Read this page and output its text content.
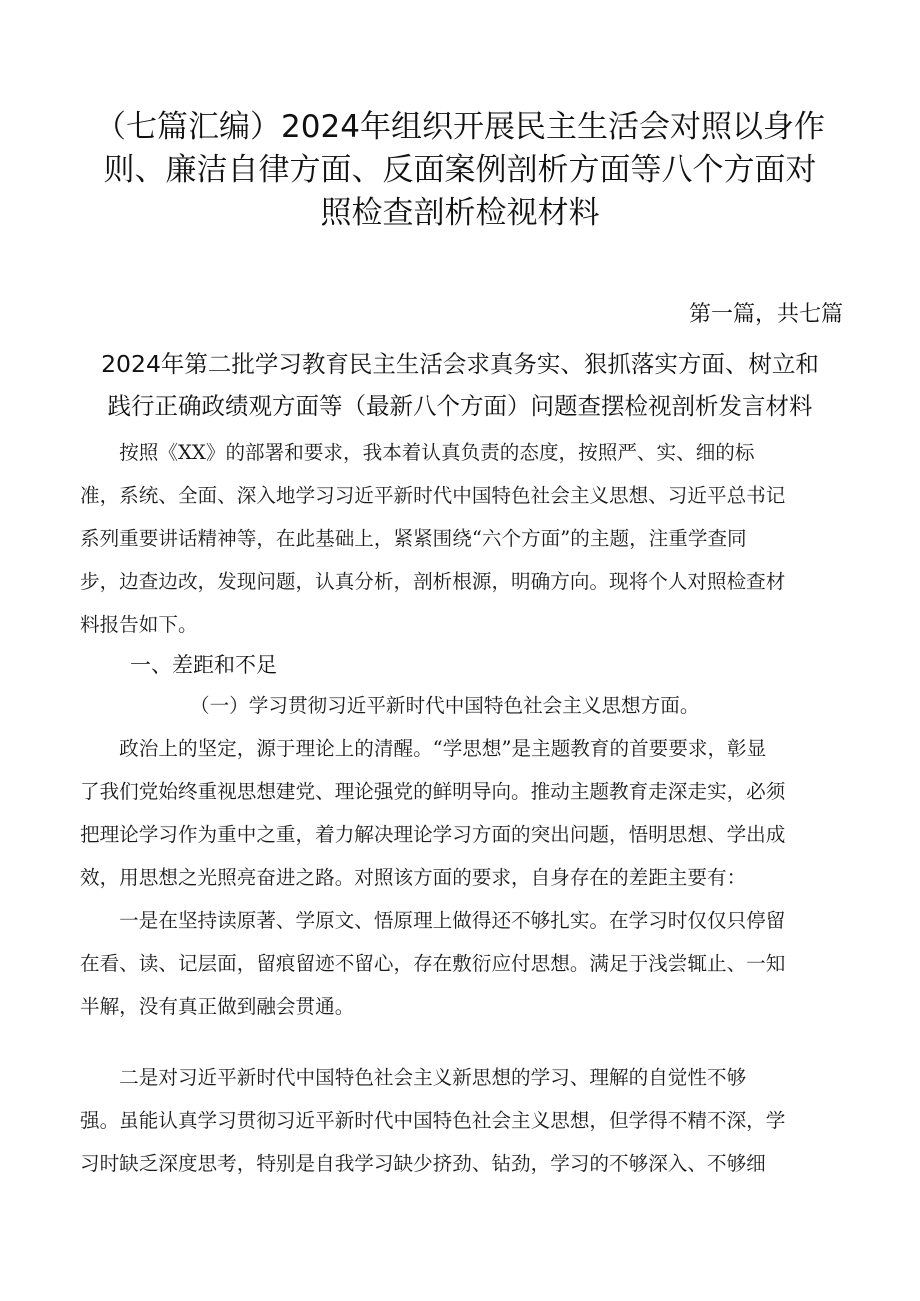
（七篇汇编）2024年组织开展民主生活会对照以身作
则、廉洁自律方面、反面案例剖析方面等八个方面对
照检查剖析检视材料
第一篇，共七篇
2024年第二批学习教育民主生活会求真务实、狠抓落实方面、树立和
践行正确政绩观方面等（最新八个方面）问题查摆检视剖析发言材料
　　按照《XX》的部署和要求，我本着认真负责的态度，按照严、实、细的标
准，系统、全面、深入地学习习近平新时代中国特色社会主义思想、习近平总书记
系列重要讲话精神等，在此基础上，紧紧围绕“六个方面”的主题，注重学查同
步，边查边改，发现问题，认真分析，剖析根源，明确方向。现将个人对照检查材
料报告如下。
一、差距和不足
（一）学习贯彻习近平新时代中国特色社会主义思想方面。
　　政治上的坚定，源于理论上的清醒。“学思想”是主题教育的首要要求，彰显
了我们党始终重视思想建党、理论强党的鲜明导向。推动主题教育走深走实，必须
把理论学习作为重中之重，着力解决理论学习方面的突出问题，悟明思想、学出成
效，用思想之光照亮奋进之路。对照该方面的要求，自身存在的差距主要有：
　　一是在坚持读原著、学原文、悟原理上做得还不够扎实。在学习时仅仅只停留
在看、读、记层面，留痕留迹不留心，存在敷衍应付思想。满足于浅尝辄止、一知
半解，没有真正做到融会贯通。
　　二是对习近平新时代中国特色社会主义新思想的学习、理解的自觉性不够
强。虽能认真学习贯彻习近平新时代中国特色社会主义思想，但学得不精不深，学
习时缺乏深度思考，特别是自我学习缺少挤劲、钻劲，学习的不够深入、不够细
